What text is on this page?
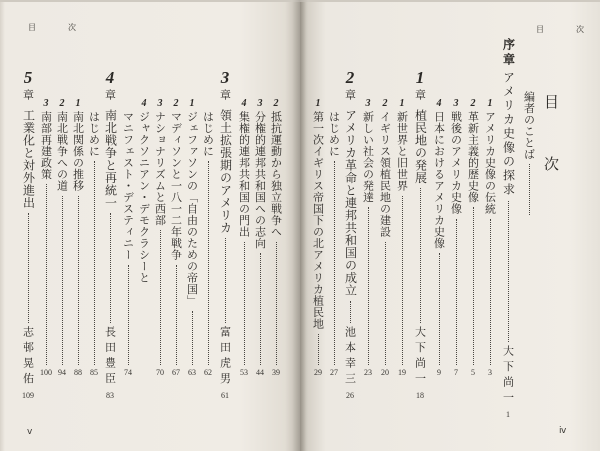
目　次
ⅴ
2
抵抗運動から独立戦争へ
39
3
分権的連邦共和国への志向
44
4
集権的連邦共和国の門出
53
3
章
領土拡張期のアメリカ
富田虎男
61
はじめに
62
1
ジェファソンの「自由のための帝国」
63
2
マディソンと一八一二年戦争
67
3
ナショナリズムと西部
70
4
ジャクソニアン・デモクラシーと
マニフェスト・デスティニー
74
4
章
南北戦争と再統一
長田豊臣
83
はじめに
85
1
南北関係の推移
88
2
南北戦争への道
94
3
南部再建政策
100
5
章
工業化と対外進出
志邨晃佑
109
目　次
目　次
ⅳ
編者のことば
序章
アメリカ史像の探求
大下尚一
1
1
アメリカ史像の伝統
3
2
革新主義的歴史像
5
3
戦後のアメリカ史像
7
4
日本におけるアメリカ史像
9
1
章
植民地の発展
大下尚一
18
1
新世界と旧世界
19
2
イギリス領植民地の建設
20
3
新しい社会の発達
23
2
章
アメリカ革命と連邦共和国の成立
池本幸三
26
はじめに
27
1
第一次イギリス帝国下の北アメリカ植民地
29
